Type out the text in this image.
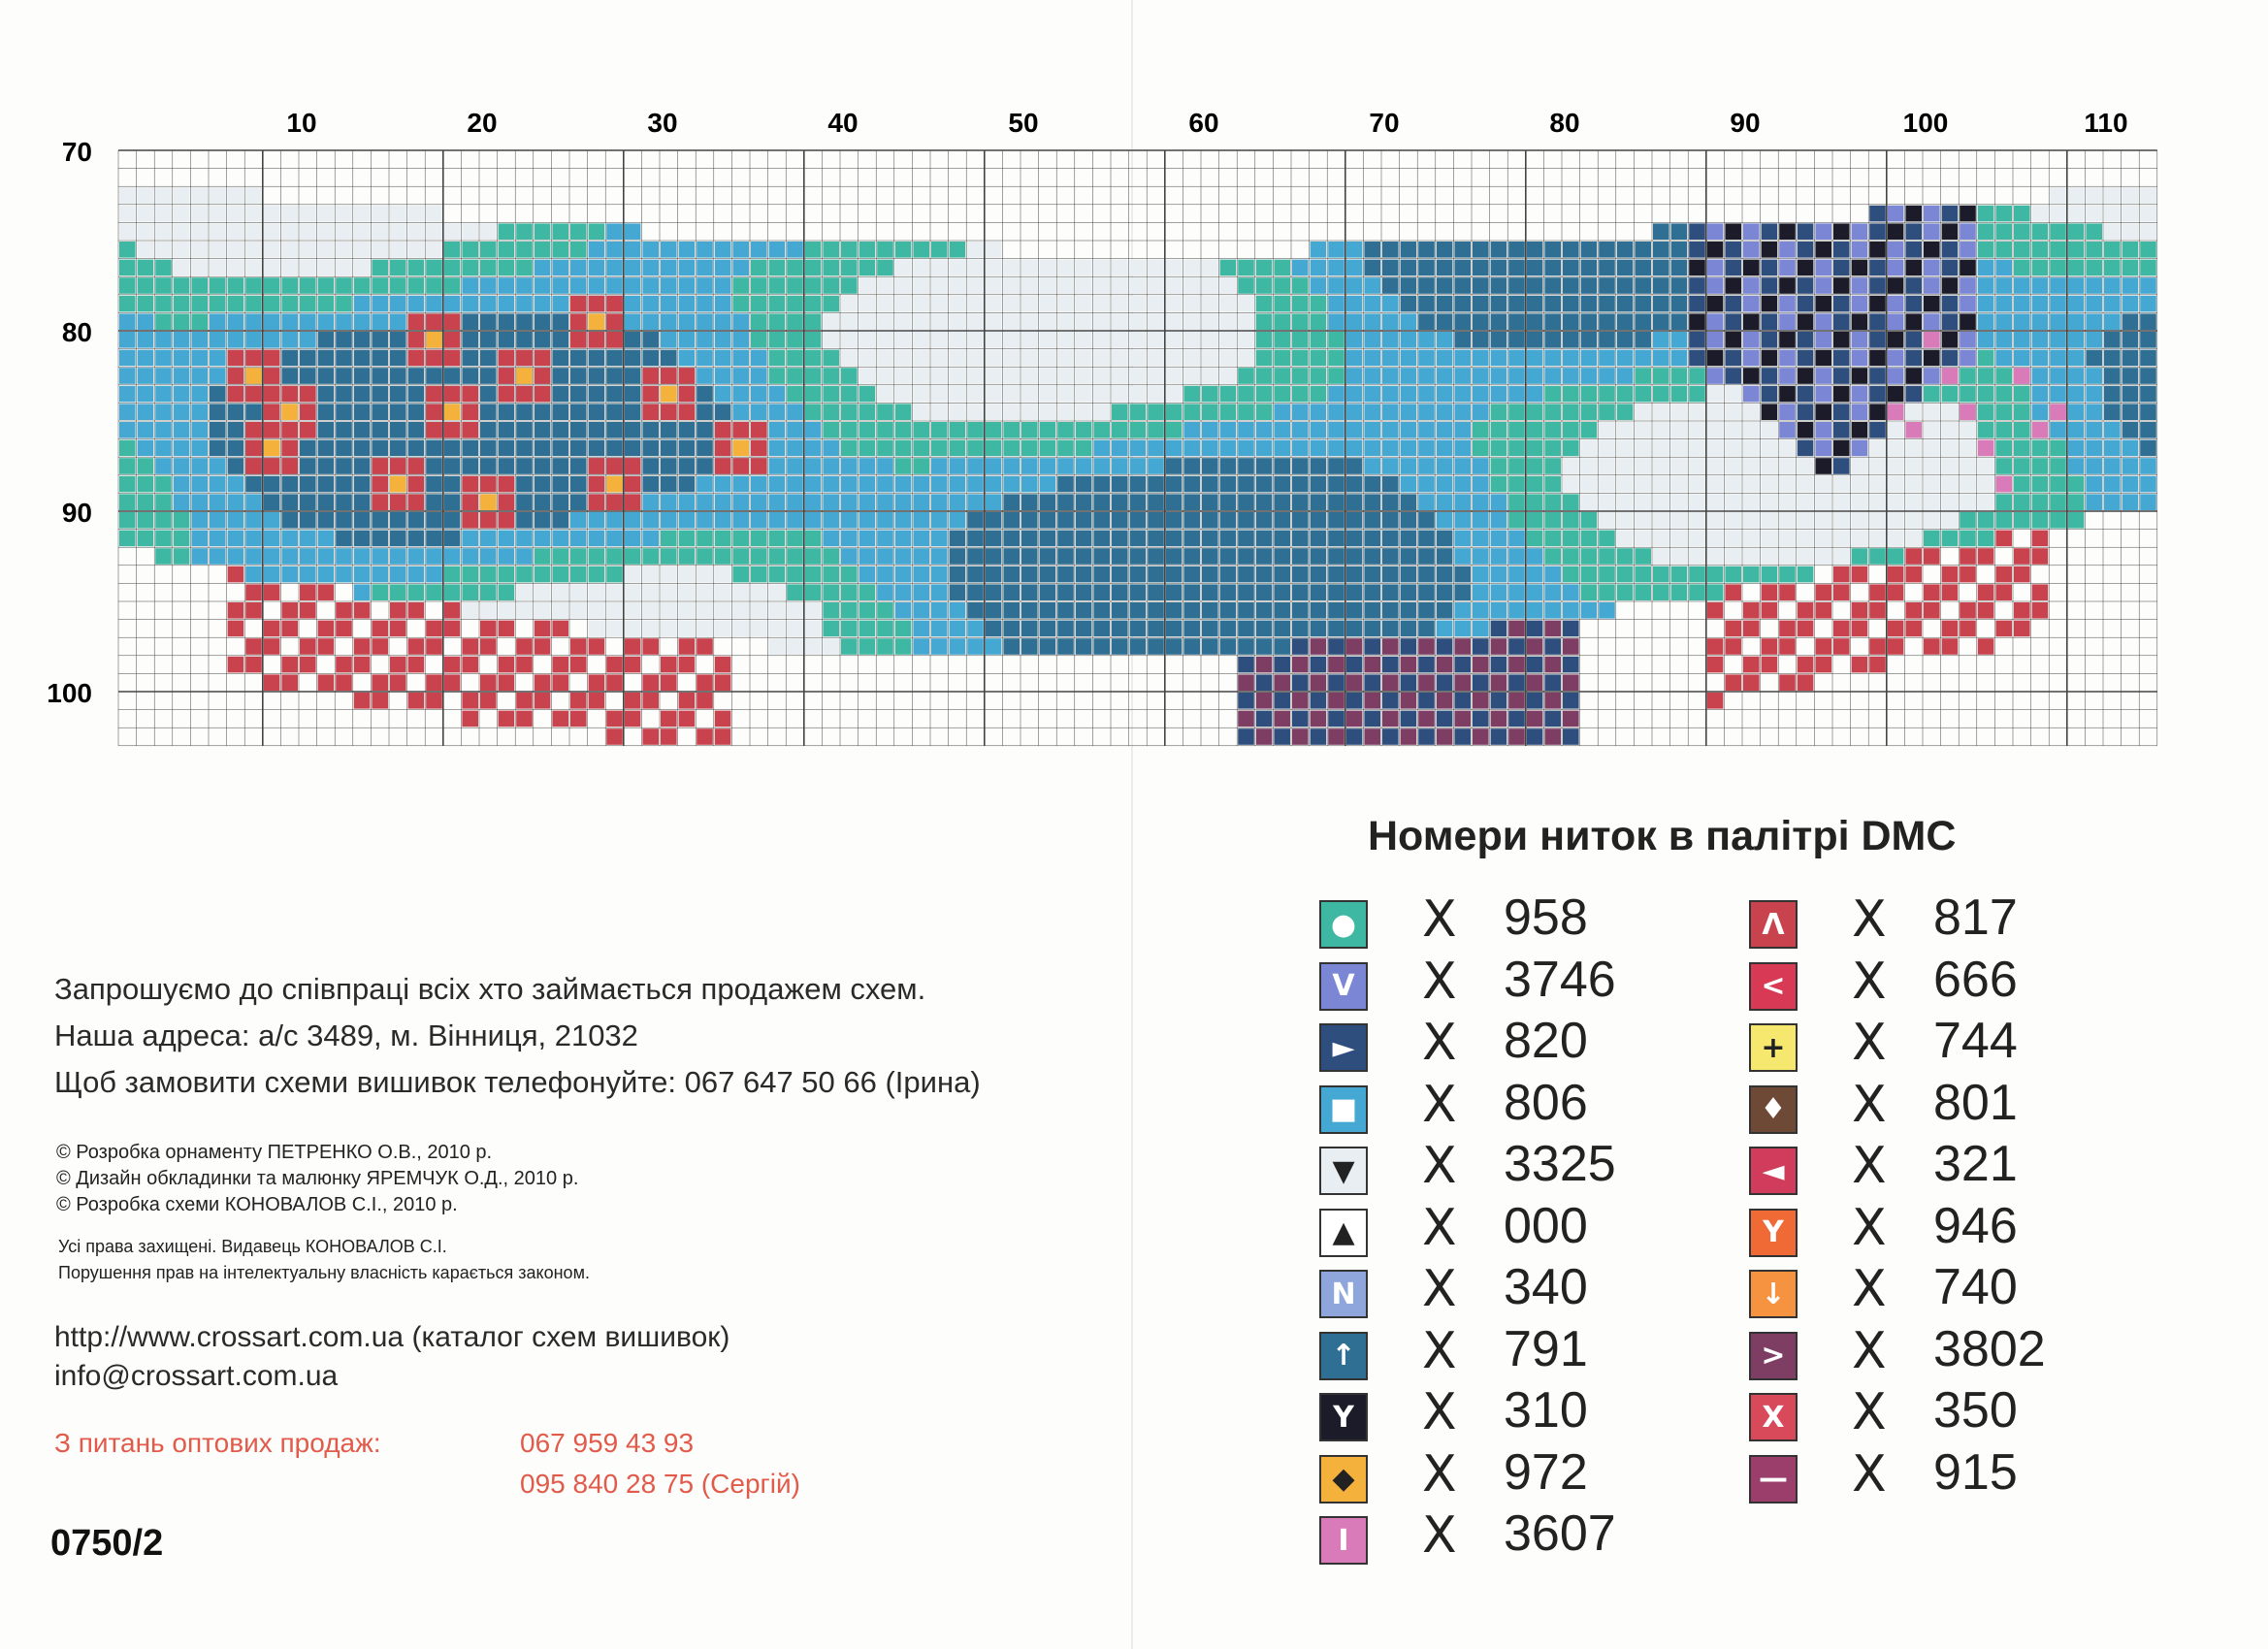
10	20	30	40	50	60	70	80	90	100	110
70
80
90
100
Номери ниток в палітрі DMC
● X 958
V X 3746
► X 820
■ X 806
▼ X 3325
▲ X 000
N X 340
↑ X 791
Y X 310
◆ X 972
I	X 3607
Λ X 817
< X 666
+ X 744
♦ X 801
◄ X 321
Y X 946
↓ X 740
> X 3802
X X 350
— X 915
Запрошуємо до співпраці всіх хто займається продажем схем.
Наша адреса: а/с 3489, м. Вінниця, 21032
Щоб замовити схеми вишивок телефонуйте: 067 647 50 66 (Ірина)
© Розробка орнаменту ПЕТРЕНКО О.В., 2010 р.
© Дизайн обкладинки та малюнку ЯРЕМЧУК О.Д., 2010 р.
© Розробка схеми КОНОВАЛОВ С.І., 2010 р.
Усі права захищені. Видавець КОНОВАЛОВ С.І.
Порушення прав на інтелектуальну власність карається законом.
http://www.crossart.com.ua (каталог схем вишивок)
info@crossart.com.ua
З питань оптових продаж:	067 959 43 93
095 840 28 75 (Сергій)
0750/2
